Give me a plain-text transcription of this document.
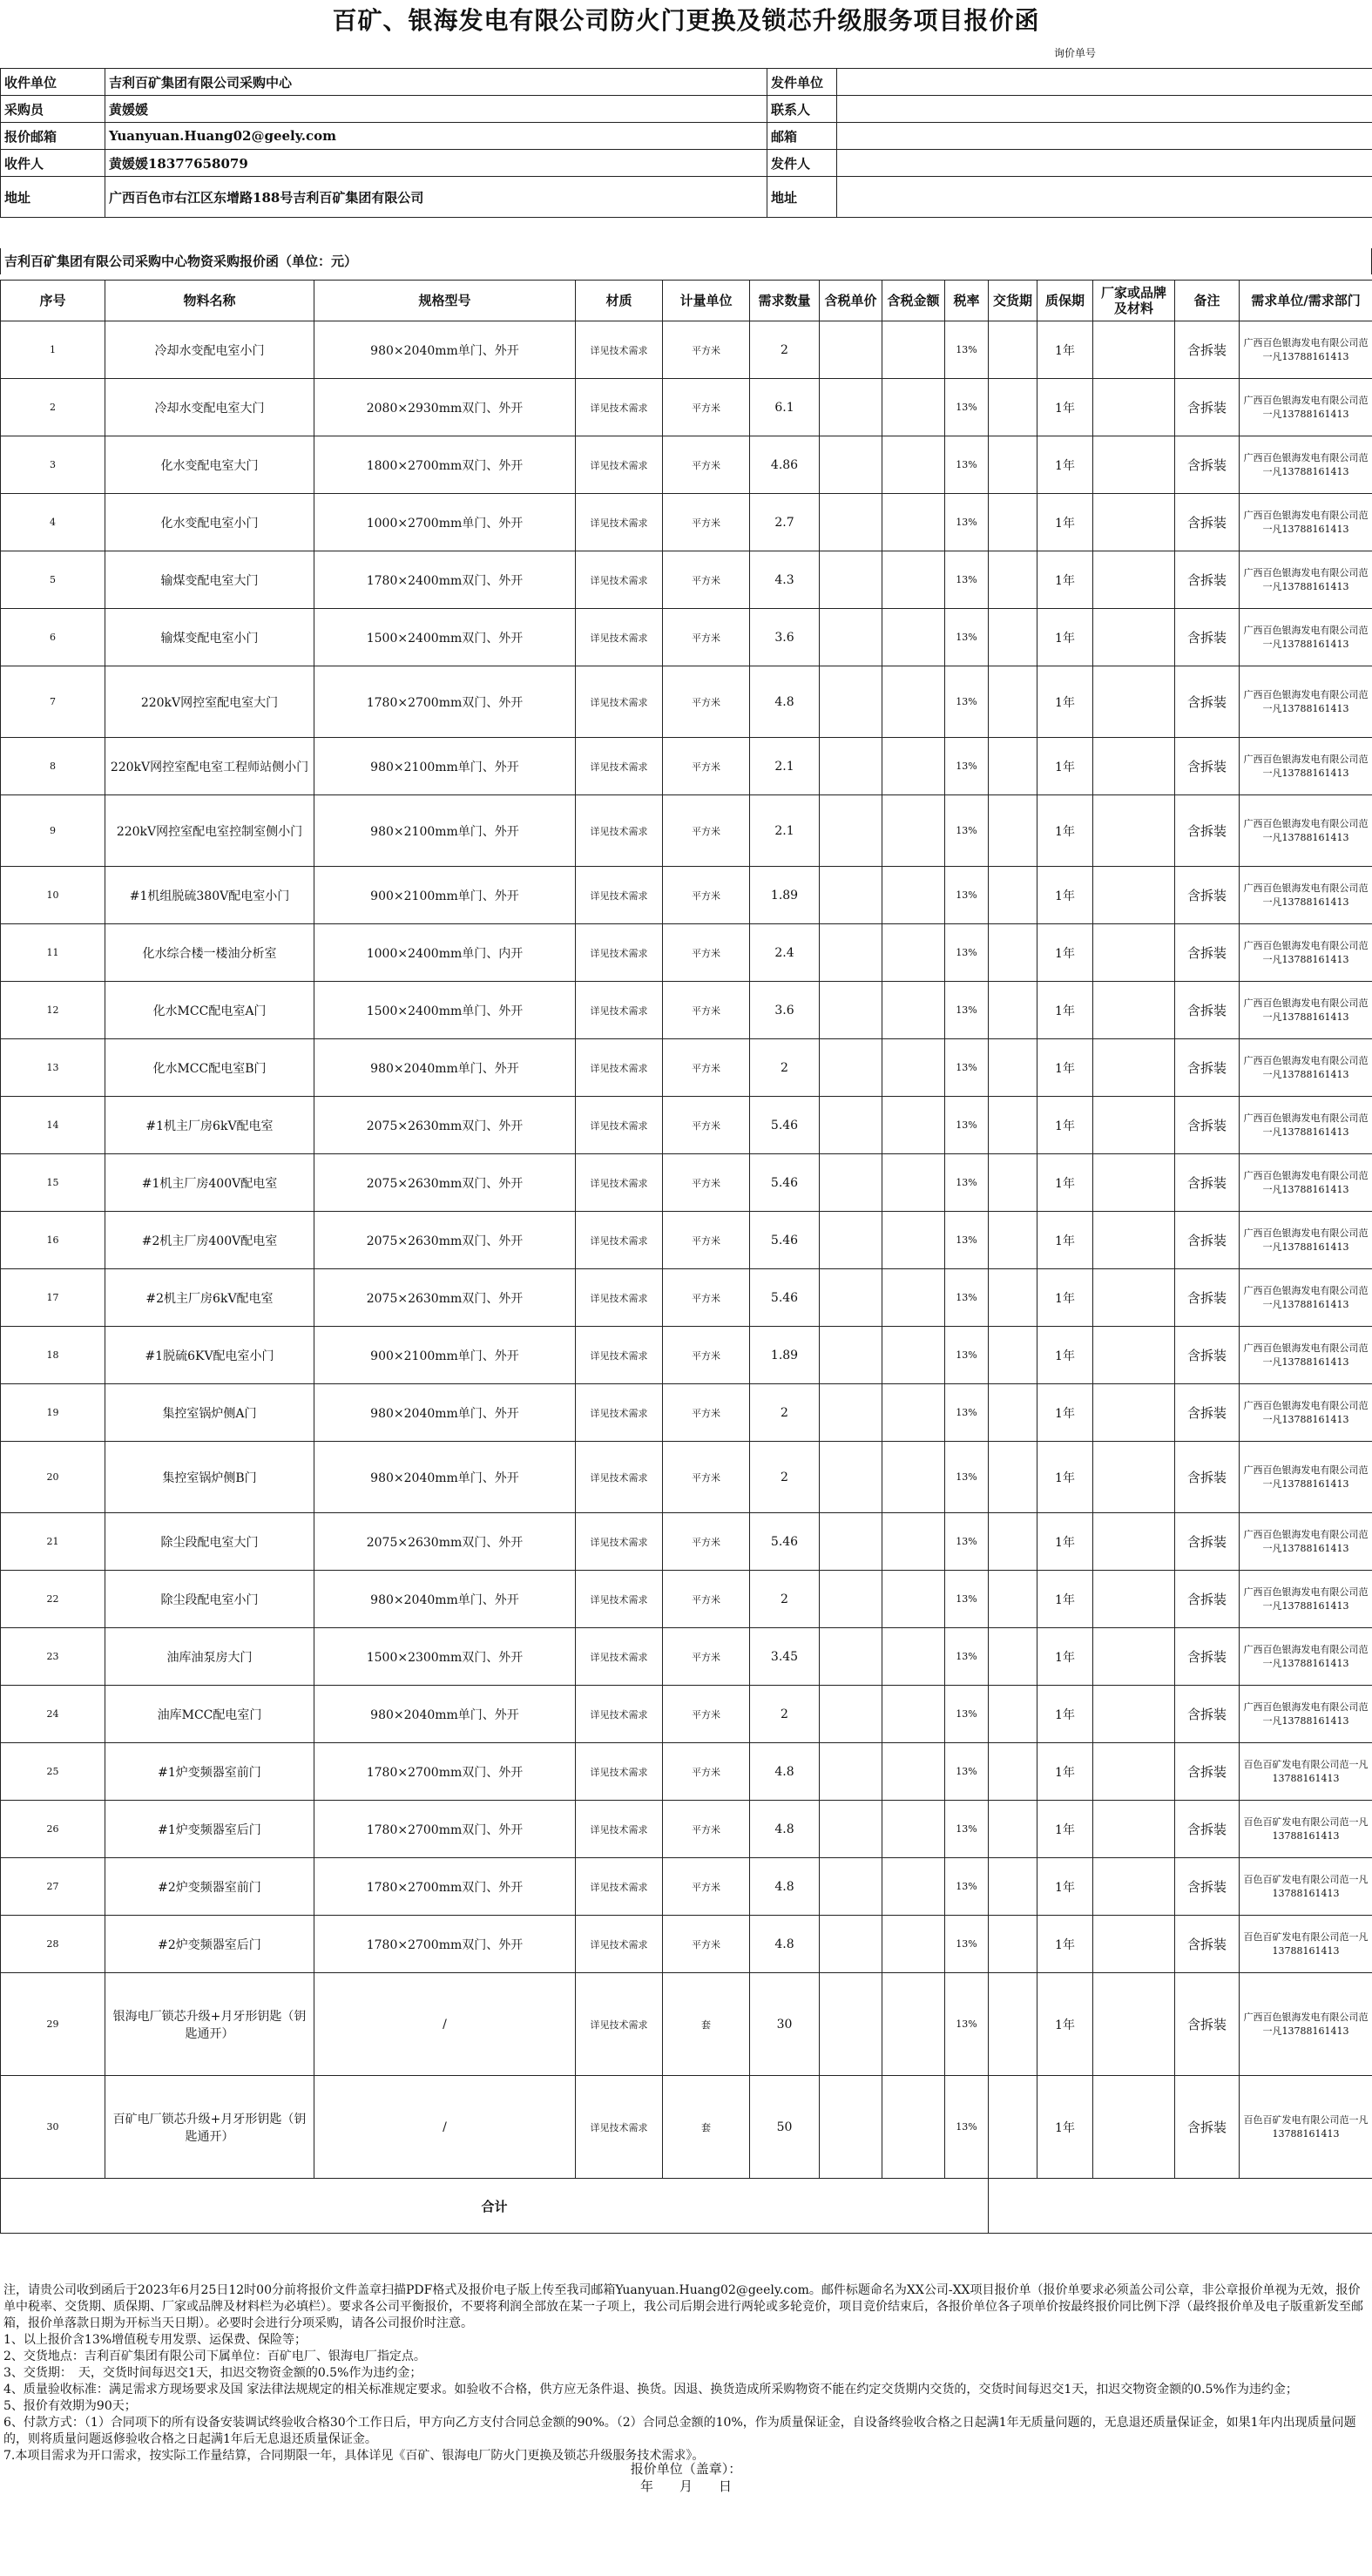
百矿、银海发电有限公司防火门更换及锁芯升级服务项目报价函
询价单号
收件单位	吉利百矿集团有限公司采购中心	发件单位	
采购员	黄媛媛	联系人	
报价邮箱	Yuanyuan.Huang02@geely.com	邮箱	
收件人	黄媛媛18377658079	发件人	
地址	广西百色市右江区东增路188号吉利百矿集团有限公司	地址	
吉利百矿集团有限公司采购中心物资采购报价函（单位：元）
序号	物料名称	规格型号	材质	计量单位	需求数量	含税单价	含税金额	税率	交货期	质保期	厂家或品牌及材料	备注	需求单位/需求部门
1	冷却水变配电室小门	980×2040mm单门、外开	详见技术需求	平方米	2			13%		1年		含拆装	广西百色银海发电有限公司范一凡13788161413
2	冷却水变配电室大门	2080×2930mm双门、外开	详见技术需求	平方米	6.1			13%		1年		含拆装	广西百色银海发电有限公司范一凡13788161413
3	化水变配电室大门	1800×2700mm双门、外开	详见技术需求	平方米	4.86			13%		1年		含拆装	广西百色银海发电有限公司范一凡13788161413
4	化水变配电室小门	1000×2700mm单门、外开	详见技术需求	平方米	2.7			13%		1年		含拆装	广西百色银海发电有限公司范一凡13788161413
5	输煤变配电室大门	1780×2400mm双门、外开	详见技术需求	平方米	4.3			13%		1年		含拆装	广西百色银海发电有限公司范一凡13788161413
6	输煤变配电室小门	1500×2400mm双门、外开	详见技术需求	平方米	3.6			13%		1年		含拆装	广西百色银海发电有限公司范一凡13788161413
7	220kV网控室配电室大门	1780×2700mm双门、外开	详见技术需求	平方米	4.8			13%		1年		含拆装	广西百色银海发电有限公司范一凡13788161413
8	220kV网控室配电室工程师站侧小门	980×2100mm单门、外开	详见技术需求	平方米	2.1			13%		1年		含拆装	广西百色银海发电有限公司范一凡13788161413
9	220kV网控室配电室控制室侧小门	980×2100mm单门、外开	详见技术需求	平方米	2.1			13%		1年		含拆装	广西百色银海发电有限公司范一凡13788161413
10	#1机组脱硫380V配电室小门	900×2100mm单门、外开	详见技术需求	平方米	1.89			13%		1年		含拆装	广西百色银海发电有限公司范一凡13788161413
11	化水综合楼一楼油分析室	1000×2400mm单门、内开	详见技术需求	平方米	2.4			13%		1年		含拆装	广西百色银海发电有限公司范一凡13788161413
12	化水MCC配电室A门	1500×2400mm单门、外开	详见技术需求	平方米	3.6			13%		1年		含拆装	广西百色银海发电有限公司范一凡13788161413
13	化水MCC配电室B门	980×2040mm单门、外开	详见技术需求	平方米	2			13%		1年		含拆装	广西百色银海发电有限公司范一凡13788161413
14	#1机主厂房6kV配电室	2075×2630mm双门、外开	详见技术需求	平方米	5.46			13%		1年		含拆装	广西百色银海发电有限公司范一凡13788161413
15	#1机主厂房400V配电室	2075×2630mm双门、外开	详见技术需求	平方米	5.46			13%		1年		含拆装	广西百色银海发电有限公司范一凡13788161413
16	#2机主厂房400V配电室	2075×2630mm双门、外开	详见技术需求	平方米	5.46			13%		1年		含拆装	广西百色银海发电有限公司范一凡13788161413
17	#2机主厂房6kV配电室	2075×2630mm双门、外开	详见技术需求	平方米	5.46			13%		1年		含拆装	广西百色银海发电有限公司范一凡13788161413
18	#1脱硫6KV配电室小门	900×2100mm单门、外开	详见技术需求	平方米	1.89			13%		1年		含拆装	广西百色银海发电有限公司范一凡13788161413
19	集控室锅炉侧A门	980×2040mm单门、外开	详见技术需求	平方米	2			13%		1年		含拆装	广西百色银海发电有限公司范一凡13788161413
20	集控室锅炉侧B门	980×2040mm单门、外开	详见技术需求	平方米	2			13%		1年		含拆装	广西百色银海发电有限公司范一凡13788161413
21	除尘段配电室大门	2075×2630mm双门、外开	详见技术需求	平方米	5.46			13%		1年		含拆装	广西百色银海发电有限公司范一凡13788161413
22	除尘段配电室小门	980×2040mm单门、外开	详见技术需求	平方米	2			13%		1年		含拆装	广西百色银海发电有限公司范一凡13788161413
23	油库油泵房大门	1500×2300mm双门、外开	详见技术需求	平方米	3.45			13%		1年		含拆装	广西百色银海发电有限公司范一凡13788161413
24	油库MCC配电室门	980×2040mm单门、外开	详见技术需求	平方米	2			13%		1年		含拆装	广西百色银海发电有限公司范一凡13788161413
25	#1炉变频器室前门	1780×2700mm双门、外开	详见技术需求	平方米	4.8			13%		1年		含拆装	百色百矿发电有限公司范一凡13788161413
26	#1炉变频器室后门	1780×2700mm双门、外开	详见技术需求	平方米	4.8			13%		1年		含拆装	百色百矿发电有限公司范一凡13788161413
27	#2炉变频器室前门	1780×2700mm双门、外开	详见技术需求	平方米	4.8			13%		1年		含拆装	百色百矿发电有限公司范一凡13788161413
28	#2炉变频器室后门	1780×2700mm双门、外开	详见技术需求	平方米	4.8			13%		1年		含拆装	百色百矿发电有限公司范一凡13788161413
29	银海电厂锁芯升级+月牙形钥匙（钥匙通开）	/	详见技术需求	套	30			13%		1年		含拆装	广西百色银海发电有限公司范一凡13788161413
30	百矿电厂锁芯升级+月牙形钥匙（钥匙通开）	/	详见技术需求	套	50			13%		1年		含拆装	百色百矿发电有限公司范一凡13788161413
合计													

注，请贵公司收到函后于2023年6月25日12时00分前将报价文件盖章扫描PDF格式及报价电子版上传至我司邮箱Yuanyuan.Huang02@geely.com。邮件标题命名为XX公司-XX项目报价单（报价单要求必须盖公司公章，非公章报价单视为无效，报价单中税率、交货期、质保期、厂家或品牌及材料栏为必填栏）。要求各公司平衡报价，不要将利润全部放在某一子项上，我公司后期会进行两轮或多轮竞价，项目竞价结束后，各报价单位各子项单价按最终报价同比例下浮（最终报价单及电子版重新发至邮箱，报价单落款日期为开标当天日期）。必要时会进行分项采购，请各公司报价时注意。

1、以上报价含13%增值税专用发票、运保费、保险等；

2、交货地点：吉利百矿集团有限公司下属单位：百矿电厂、银海电厂指定点。

3、交货期：　天，交货时间每迟交1天，扣迟交物资金额的0.5%作为违约金；

4、质量验收标准：满足需求方现场要求及国 家法律法规规定的相关标准规定要求。如验收不合格，供方应无条件退、换货。因退、换货造成所采购物资不能在约定交货期内交货的，交货时间每迟交1天，扣迟交物资金额的0.5%作为违约金；

5、报价有效期为90天；

6、付款方式：（1）合同项下的所有设备安装调试终验收合格30个工作日后，甲方向乙方支付合同总金额的90%。（2）合同总金额的10%，作为质量保证金，自设备终验收合格之日起满1年无质量问题的，无息退还质量保证金，如果1年内出现质量问题的，则将质量问题返修验收合格之日起满1年后无息退还质量保证金。

7.本项目需求为开口需求，按实际工作量结算，合同期限一年，具体详见《百矿、银海电厂防火门更换及锁芯升级服务技术需求》。

报价单位（盖章）：
年　　月　　日
